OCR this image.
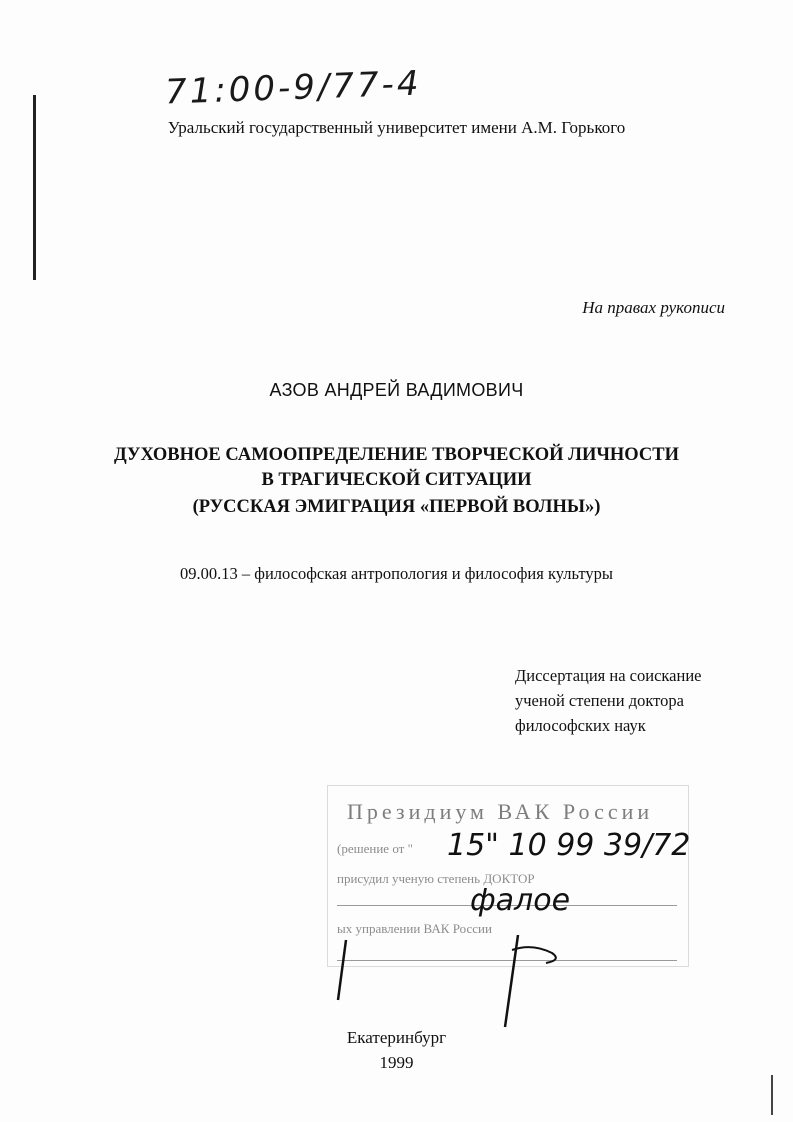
71:00-9/77-4
Уральский государственный университет имени А.М. Горького
На правах рукописи
АЗОВ АНДРЕЙ ВАДИМОВИЧ
ДУХОВНОЕ САМООПРЕДЕЛЕНИЕ ТВОРЧЕСКОЙ ЛИЧНОСТИ
В ТРАГИЧЕСКОЙ СИТУАЦИИ
(РУССКАЯ ЭМИГРАЦИЯ «ПЕРВОЙ ВОЛНЫ»)
09.00.13 – философская антропология и философия культуры
Диссертация на соискание
ученой степени доктора
философских наук
Президиум ВАК России
(решение от "
присудил ученую степень ДОКТОР
ых управлении ВАК России
15" 10 99 39/72
фалое
Екатеринбург
1999
